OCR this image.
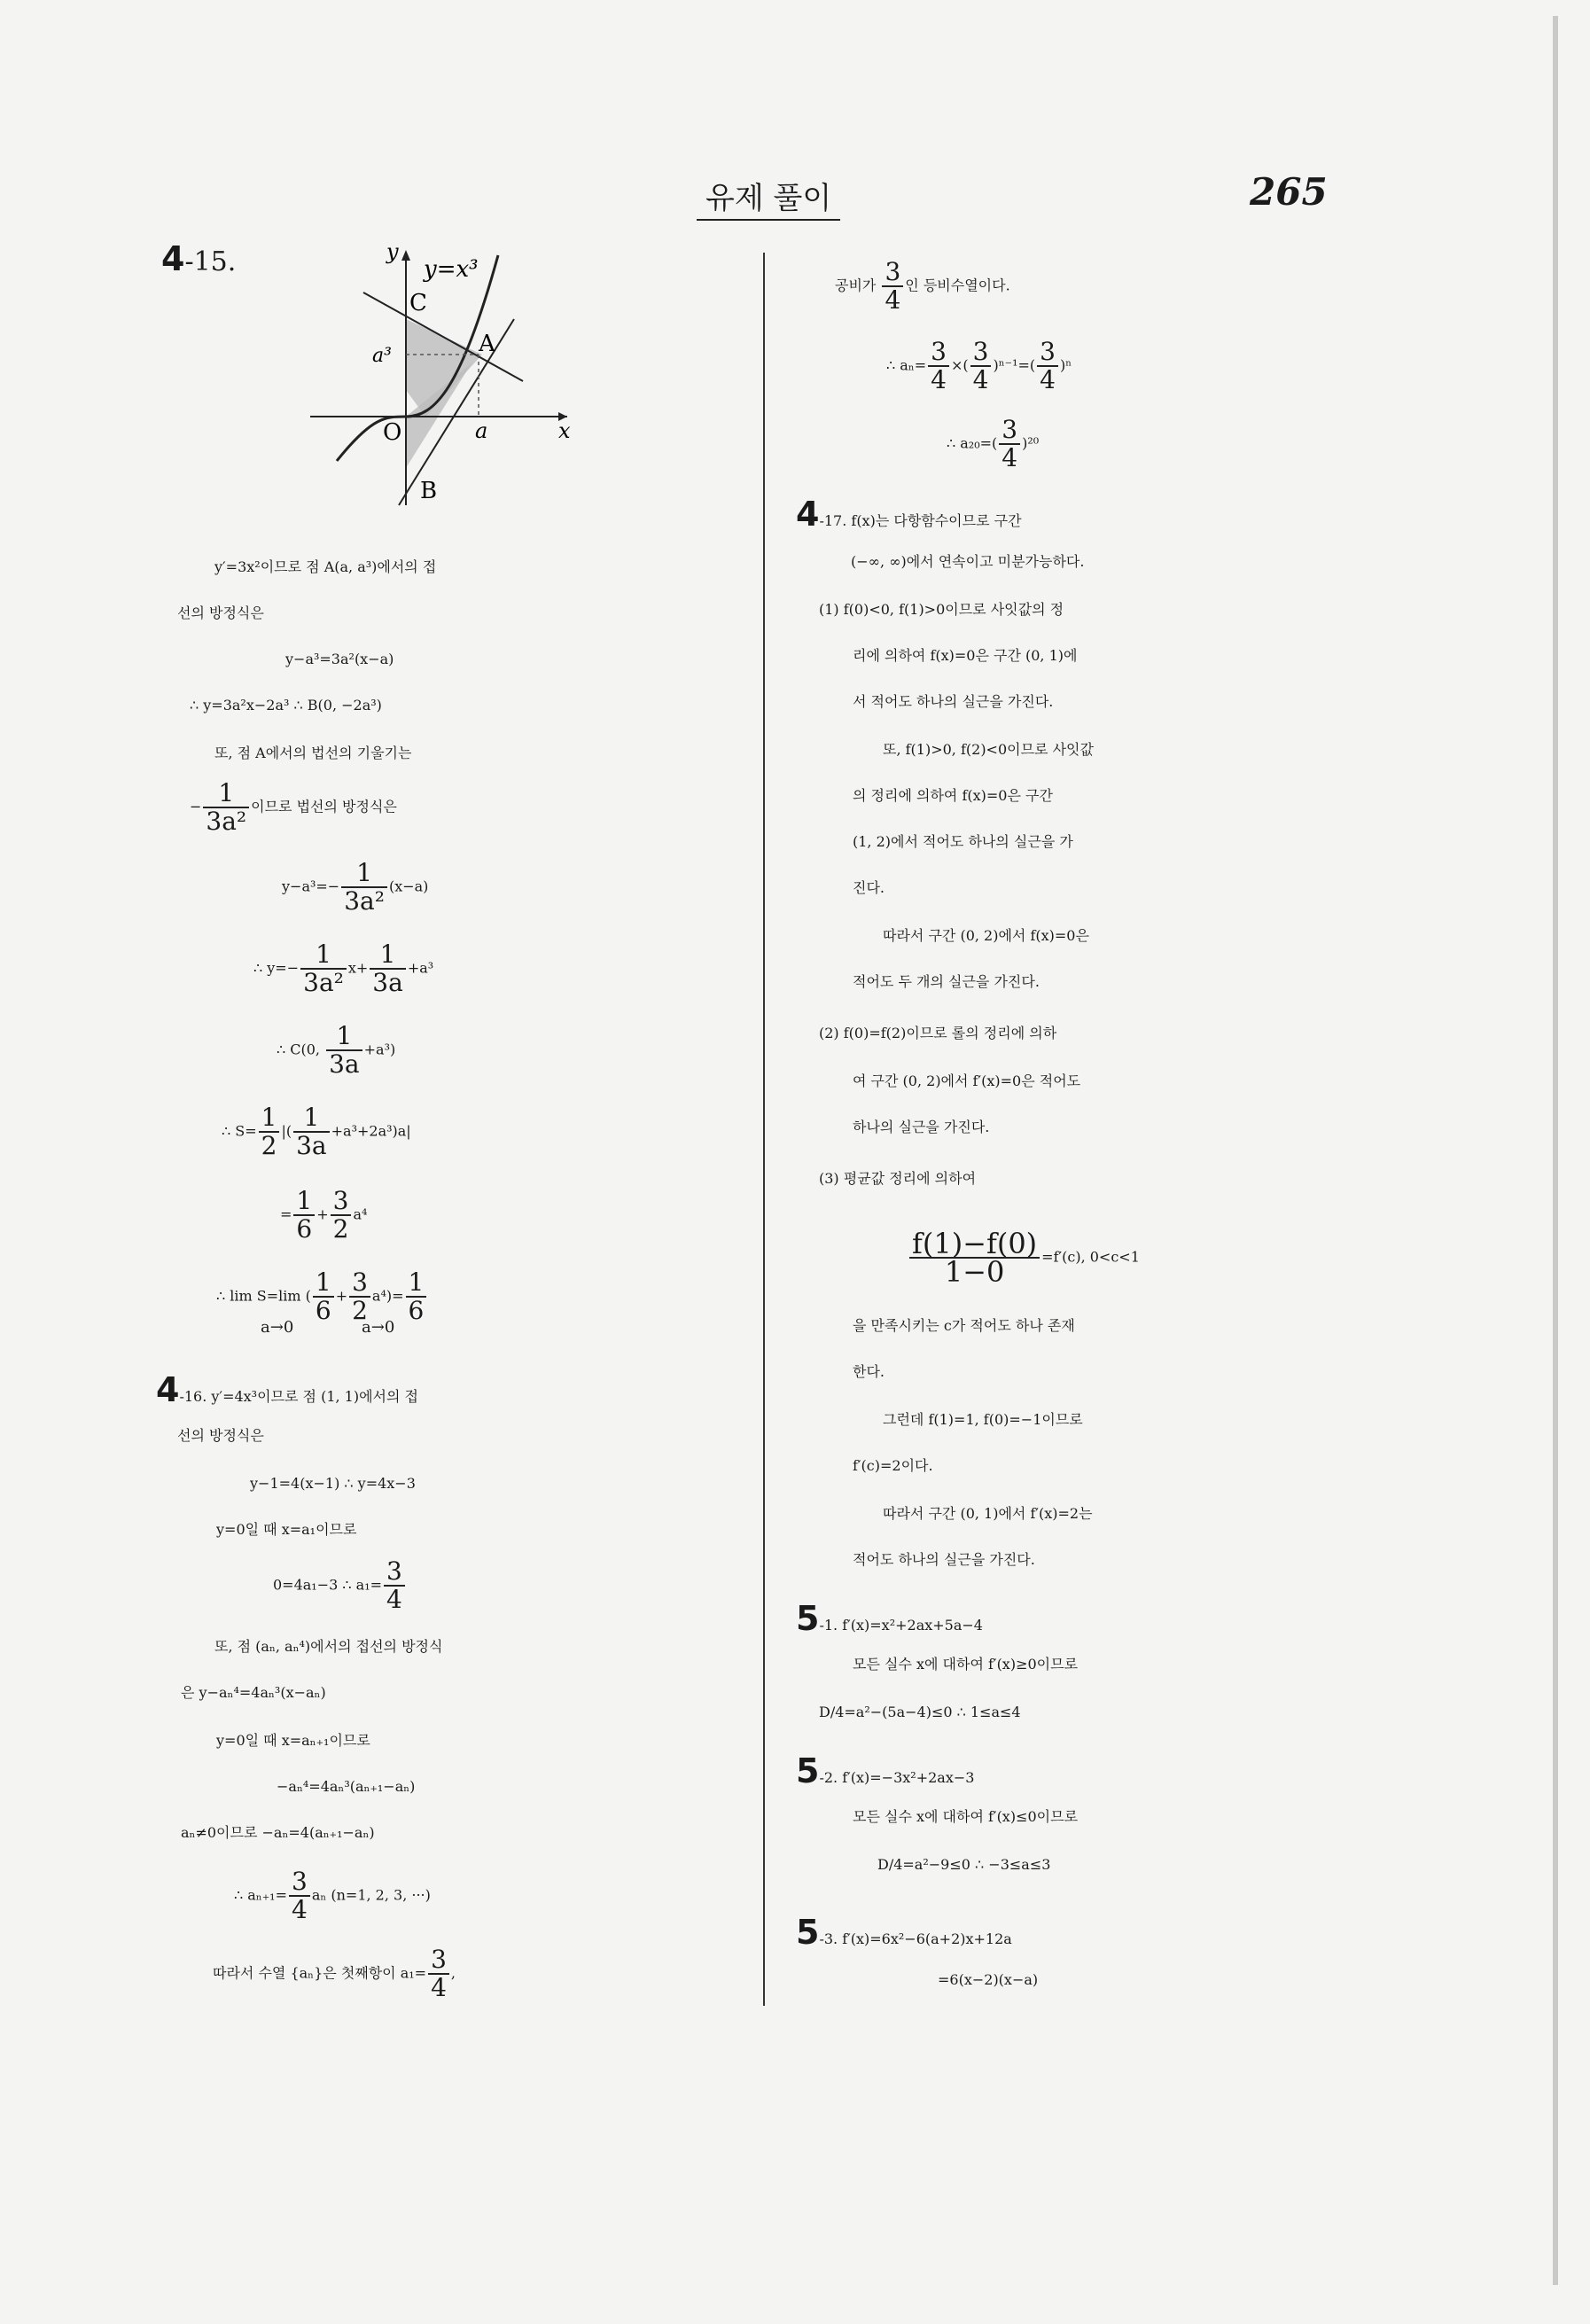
유제 풀이	265
4-15.	y
y=x³
C
A
a³
O	a	x
B
y′=3x²이므로 점 A(a, a³)에서의 접
선의 방정식은
y−a³=3a²(x−a)
∴ y=3a²x−2a³ ∴ B(0, −2a³)
또, 점 A에서의 법선의 기울기는
− $\frac{1}{\text{3a²}}$ 이므로 법선의 방정식은
$y-a^3=- \frac{1}{\text{3a²}} (x-a)$
∴ $y=- \frac{1}{\text{3a²}} x+ \frac{1}{3a} +a^3$
∴ C(0, $\frac{1}{3a} +a^3$)
∴ $S= \frac{1}{2}$ |( $\frac{1}{3a} +a^3+2a^3)a|$
= $\frac{1}{6} + \frac{3}{2} a^4$
∴ lim S=lim ( $\frac{1}{6} + \frac{3}{2} a^4)= \frac{1}{6}$
a→0	a→0
4-16. y′=4x³이므로 점 (1, 1)에서의 접
선의 방정식은
y−1=4(x−1) ∴ y=4x−3
y=0일 때 x=a₁이므로
0=4a₁−3 ∴ $a_1= \frac{3}{4}$
또, 점 (aₙ, aₙ⁴)에서의 접선의 방정식
은 y−aₙ⁴=4aₙ³(x−aₙ)
y=0일 때 x=aₙ₊₁이므로
−aₙ⁴=4aₙ³(aₙ₊₁−aₙ)
aₙ≠0이므로 −aₙ=4(aₙ₊₁−aₙ)
∴ $a_{n+1}= \frac{3}{4}$ aₙ (n=1, 2, 3, ···)
따라서 수열 {aₙ}은 첫째항이 $a_1= \frac{3}{4}$ ,
공비가 $\frac{3}{4}$ 인 등비수열이다.
∴ $a_n= \frac{3}{4}$ ×( $\frac{3}{4} )^{n-1}=( \frac{3}{4} )^n$
∴ $a_{20}=( \frac{3}{4} )^{20}$
4-17. f(x)는 다항함수이므로 구간
(−∞, ∞)에서 연속이고 미분가능하다.
(1) f(0)<0, f(1)>0이므로 사잇값의 정
리에 의하여 f(x)=0은 구간 (0, 1)에
서 적어도 하나의 실근을 가진다.
또, f(1)>0, f(2)<0이므로 사잇값
의 정리에 의하여 f(x)=0은 구간
(1, 2)에서 적어도 하나의 실근을 가
진다.
따라서 구간 (0, 2)에서 f(x)=0은
적어도 두 개의 실근을 가진다.
(2) f(0)=f(2)이므로 롤의 정리에 의하
여 구간 (0, 2)에서 f′(x)=0은 적어도
하나의 실근을 가진다.
(3) 평균값 정리에 의하여
$\frac{f(1)-f(0)}{1-0} =f'(c)$, 0<c<1
을 만족시키는 c가 적어도 하나 존재
한다.
그런데 f(1)=1, f(0)=−1이므로
f′(c)=2이다.
따라서 구간 (0, 1)에서 f′(x)=2는
적어도 하나의 실근을 가진다.
5-1. f′(x)=x²+2ax+5a−4
모든 실수 x에 대하여 f′(x)≥0이므로
D/4=a²−(5a−4)≤0 ∴ 1≤a≤4
5-2. f′(x)=−3x²+2ax−3
모든 실수 x에 대하여 f′(x)≤0이므로
D/4=a²−9≤0 ∴ −3≤a≤3
5-3. f′(x)=6x²−6(a+2)x+12a
=6(x−2)(x−a)
